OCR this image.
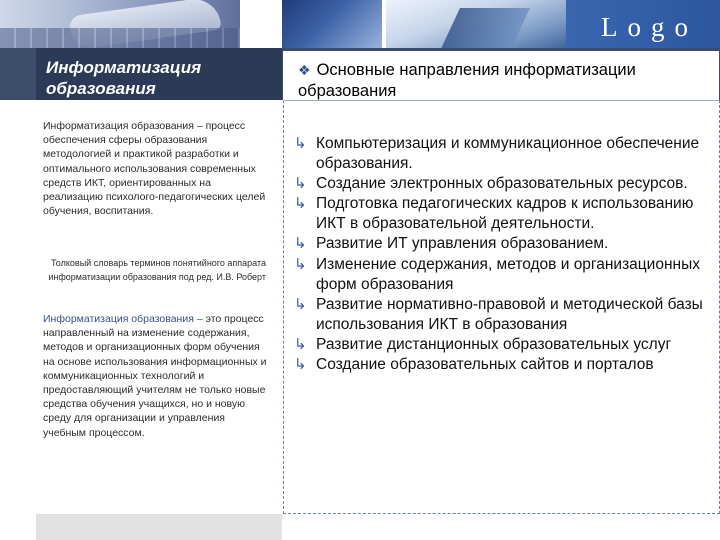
Logo
Информатизация образования
❖ Основные направления информатизации образования
Информатизация образования – процесс обеспечения сферы образования методологией и практикой разработки и оптимального использования современных средств ИКТ, ориентированных на реализацию психолого-педагогических целей обучения, воспитания.
Толковый словарь терминов понятийного аппарата информатизации образования под ред. И.В. Роберт
Информатизация образования – это процесс направленный на изменение содержания, методов и организационных форм обучения на основе использования информационных и коммуникационных технологий и предоставляющий учителям не только новые средства обучения учащихся, но и новую среду для организации и управления учебным процессом.
↳ Компьютеризация и коммуникационное обеспечение образования.
↳ Создание электронных образовательных ресурсов.
↳ Подготовка педагогических кадров к использованию ИКТ в образовательной деятельности.
↳ Развитие ИТ управления образованием.
↳ Изменение содержания, методов и организационных форм образования
↳ Развитие нормативно-правовой и методической базы использования ИКТ в образования
↳ Развитие дистанционных образовательных услуг
↳ Создание образовательных сайтов и порталов
